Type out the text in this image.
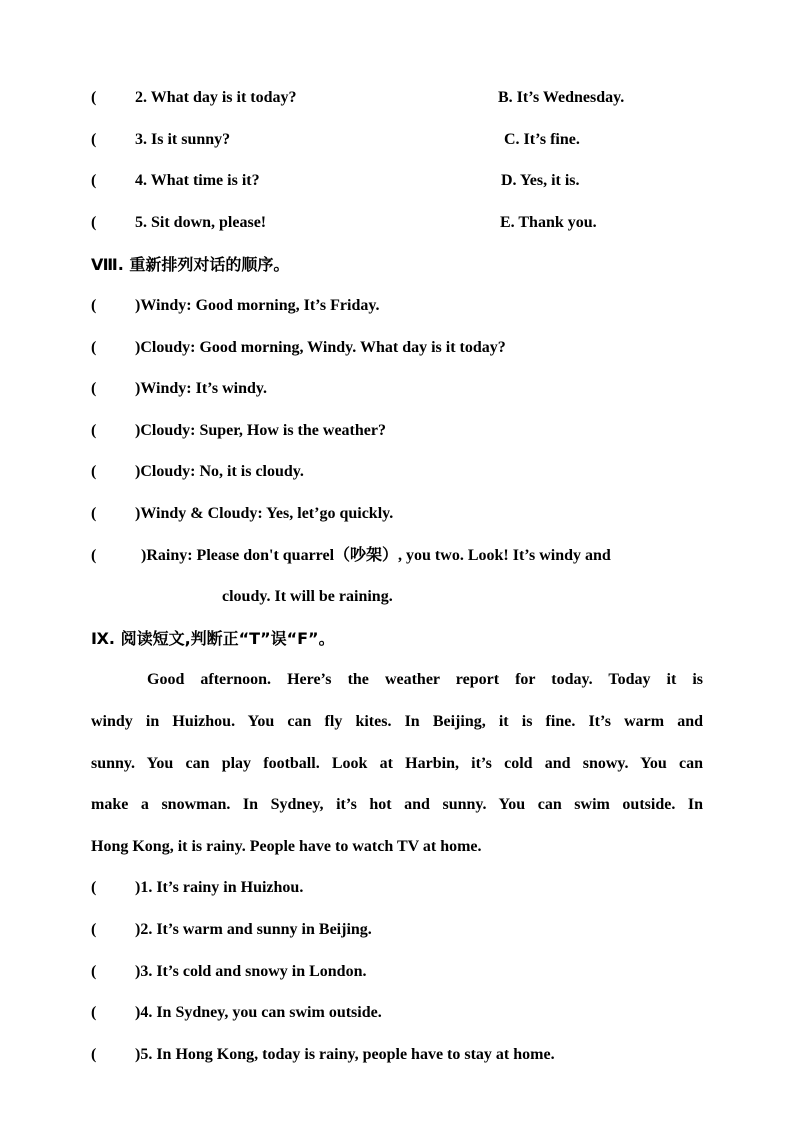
( 2. What day is it today?	B. It’s Wednesday.
( 3. Is it sunny?	C. It’s fine.
( 4. What time is it?	D. Yes, it is.
( 5. Sit down, please!	E. Thank you.
Ⅷ. 重新排列对话的顺序。
( )Windy: Good morning, It’s Friday.
( )Cloudy: Good morning, Windy. What day is it today?
( )Windy: It’s windy.
( )Cloudy: Super, How is the weather?
( )Cloudy: No, it is cloudy.
( )Windy & Cloudy: Yes, let’go quickly.
(	)Rainy: Please don't quarrel（吵架）, you two. Look! It’s windy and
cloudy. It will be raining.
Ⅸ. 阅读短文,判断正“T”误“F”。
Good afternoon. Here’s the weather report for today. Today it is
windy in Huizhou. You can fly kites. In Beijing, it is fine. It’s warm and
sunny. You can play football. Look at Harbin, it’s cold and snowy. You can
make a snowman. In Sydney, it’s hot and sunny. You can swim outside. In
Hong Kong, it is rainy. People have to watch TV at home.
( )1. It’s rainy in Huizhou.
( )2. It’s warm and sunny in Beijing.
( )3. It’s cold and snowy in London.
( )4. In Sydney, you can swim outside.
( )5. In Hong Kong, today is rainy, people have to stay at home.
